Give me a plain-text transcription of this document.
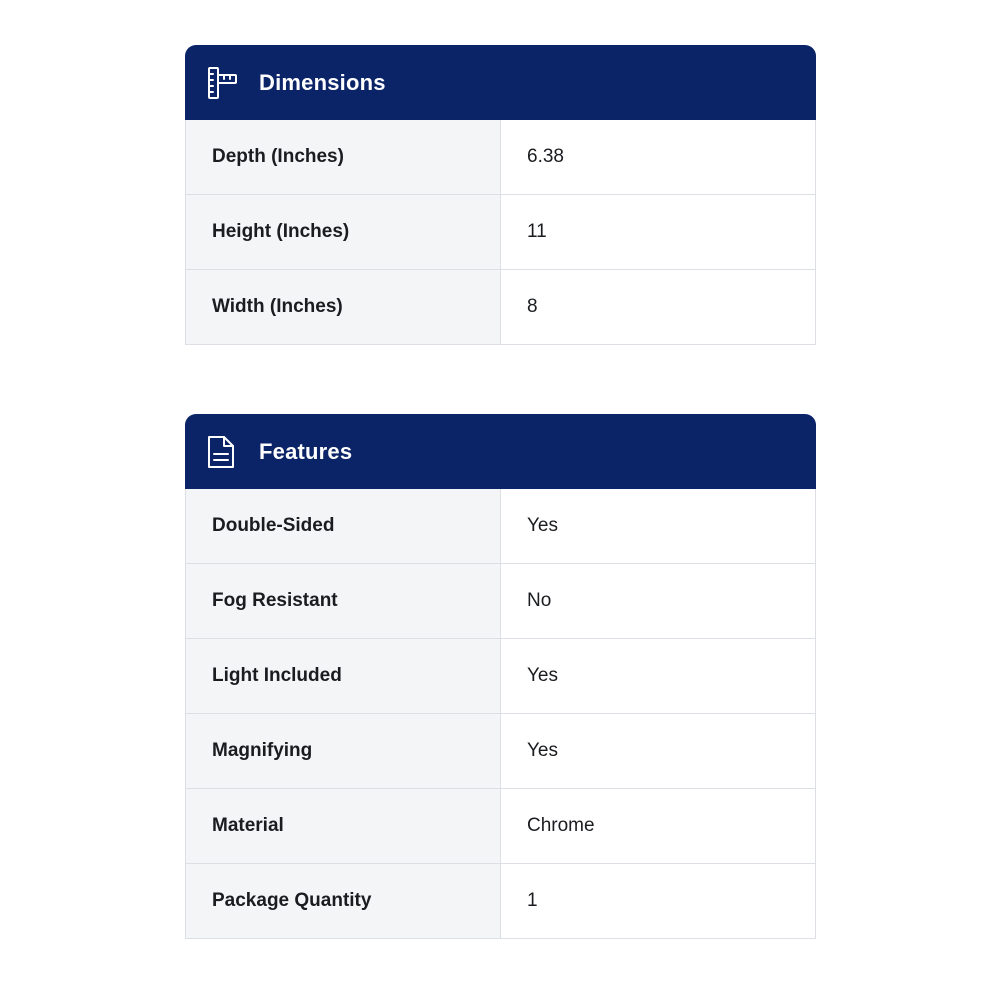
Dimensions
Depth (Inches)	6.38
Height (Inches)	11
Width (Inches)	8
Features
Double-Sided	Yes
Fog Resistant	No
Light Included	Yes
Magnifying	Yes
Material	Chrome
Package Quantity	1
